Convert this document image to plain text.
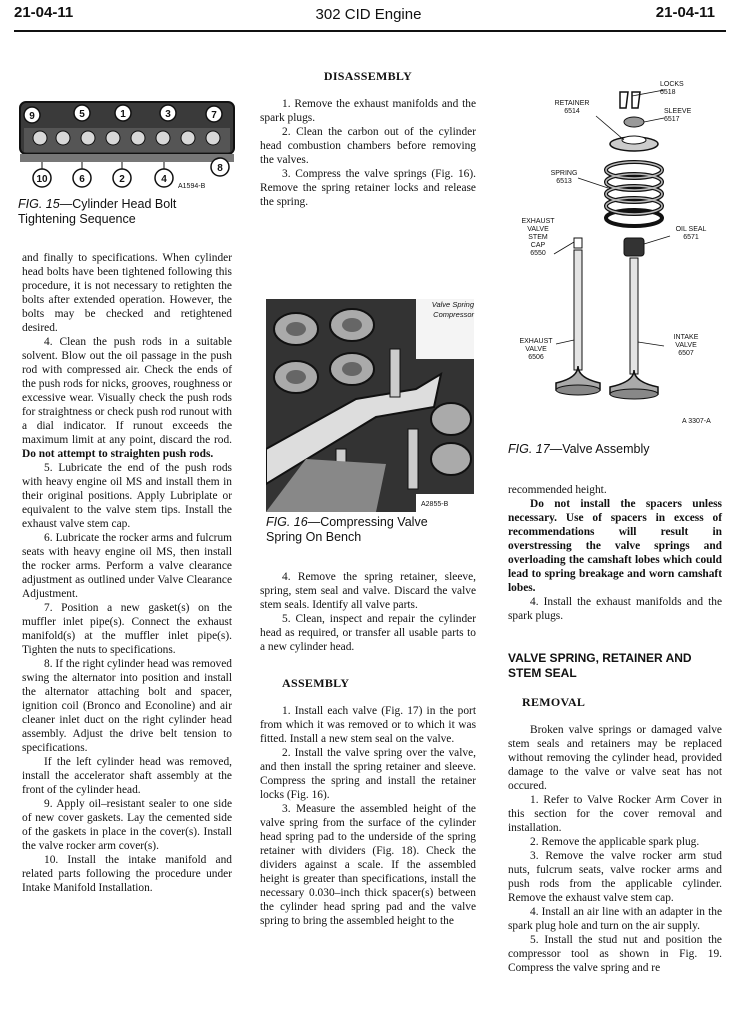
21-04-11	302 CID Engine	21-04-11
9	5	1	3	7
10	6	2	4
8
A1594-B
FIG. 15—Cylinder Head Bolt
Tightening Sequence

and finally to specifications. When cylinder head bolts have been tightened following this procedure, it is not necessary to retighten the bolts after extended operation. However, the bolts may be checked and retightened desired.

4. Clean the push rods in a suitable solvent. Blow out the oil passage in the push rod with compressed air. Check the ends of the push rods for nicks, grooves, roughness or excessive wear. Visually check the push rods for straightness or check push rod runout with a dial indicator. If runout exceeds the maximum limit at any point, discard the rod. Do not attempt to straighten push rods.

5. Lubricate the end of the push rods with heavy engine oil MS and install them in their original positions. Apply Lubriplate or equivalent to the valve stem tips. Install the exhaust valve stem cap.

6. Lubricate the rocker arms and fulcrum seats with heavy engine oil MS, then install the rocker arms. Perform a valve clearance adjustment as outlined under Valve Clearance Adjustment.

7. Position a new gasket(s) on the muffler inlet pipe(s). Connect the exhaust manifold(s) at the muffler inlet pipe(s). Tighten the nuts to specifications.

8. If the right cylinder head was removed swing the alternator into position and install the alternator attaching bolt and spacer, ignition coil (Bronco and Econoline) and air cleaner inlet duct on the right cylinder head assembly. Adjust the drive belt tension to specifications.

If the left cylinder head was removed, install the accelerator shaft assembly at the front of the cylinder head.

9. Apply oil–resistant sealer to one side of new cover gaskets. Lay the cemented side of the gaskets in place in the cover(s). Install the valve rocker arm cover(s).

10. Install the intake manifold and related parts following the procedure under Intake Manifold Installation.

DISASSEMBLY

1. Remove the exhaust manifolds and the spark plugs.

2. Clean the carbon out of the cylinder head combustion chambers before removing the valves.

3. Compress the valve springs (Fig. 16). Remove the spring retainer locks and release the spring.

A2855-B
Valve Spring
Compressor
FIG. 16—Compressing Valve
Spring On Bench

4. Remove the spring retainer, sleeve, spring, stem seal and valve. Discard the valve stem seals. Identify all valve parts.

5. Clean, inspect and repair the cylinder head as required, or transfer all usable parts to a new cylinder head.

ASSEMBLY

1. Install each valve (Fig. 17) in the port from which it was removed or to which it was fitted. Install a new stem seal on the valve.

2. Install the valve spring over the valve, and then install the spring retainer and sleeve. Compress the spring and install the retainer locks (Fig. 16).

3. Measure the assembled height of the valve spring from the surface of the cylinder head spring pad to the underside of the spring retainer with dividers (Fig. 18). Check the dividers against a scale. If the assembled height is greater than specifications, install the necessary 0.030–inch thick spacer(s) between the cylinder head spring pad and the valve spring to bring the assembled height to the

A 3307-A
LOCKS
6518
RETAINER
6514	SLEEVE
6517
SPRING
6513
EXHAUST
VALVE
STEM
CAP
6550
OIL SEAL
6571
INTAKE
VALVE
6507
EXHAUST
VALVE
6506
FIG. 17—Valve Assembly

recommended height.

Do not install the spacers unless necessary. Use of spacers in excess of recommendations will result in overstressing the valve springs and overloading the camshaft lobes which could lead to spring breakage and worn camshaft lobes.

4. Install the exhaust manifolds and the spark plugs.

VALVE SPRING, RETAINER AND
STEM SEAL
REMOVAL

Broken valve springs or damaged valve stem seals and retainers may be replaced without removing the cylinder head, provided damage to the valve or valve seat has not occured.

1. Refer to Valve Rocker Arm Cover in this section for the cover removal and installation.

2. Remove the applicable spark plug.

3. Remove the valve rocker arm stud nuts, fulcrum seats, valve rocker arms and push rods from the applicable cylinder. Remove the exhaust valve stem cap.

4. Install an air line with an adapter in the spark plug hole and turn on the air supply.

5. Install the stud nut and position the compressor tool as shown in Fig. 19. Compress the valve spring and re
